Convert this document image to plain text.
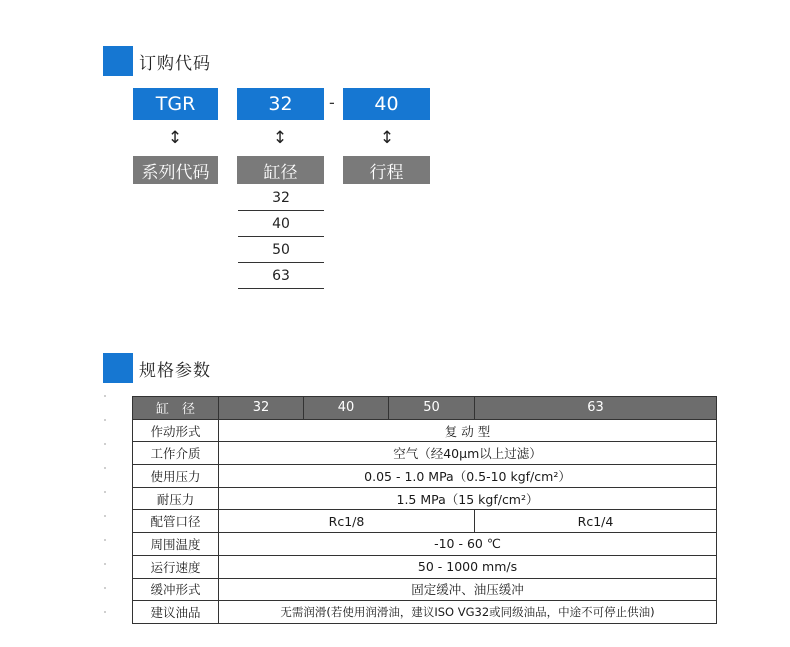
订购代码
TGR	32 - 40
↕	↕	↕
系列代码	缸径	行程
32
40
50
63
规格参数
缸　径	32	40	50	63
作动形式	复 动 型			
工作介质	空气（经40μm以上过滤）			
使用压力	0.05 - 1.0 MPa（0.5-10 kgf/cm²）			
耐压力	1.5 MPa（15 kgf/cm²）			
配管口径	Rc1/8			Rc1/4
周围温度	-10 - 60 ℃			
运行速度	50 - 1000 mm/s			
缓冲形式	固定缓冲、油压缓冲			
建议油品	无需润滑(若使用润滑油，建议ISO VG32或同级油品，中途不可停止供油)			
